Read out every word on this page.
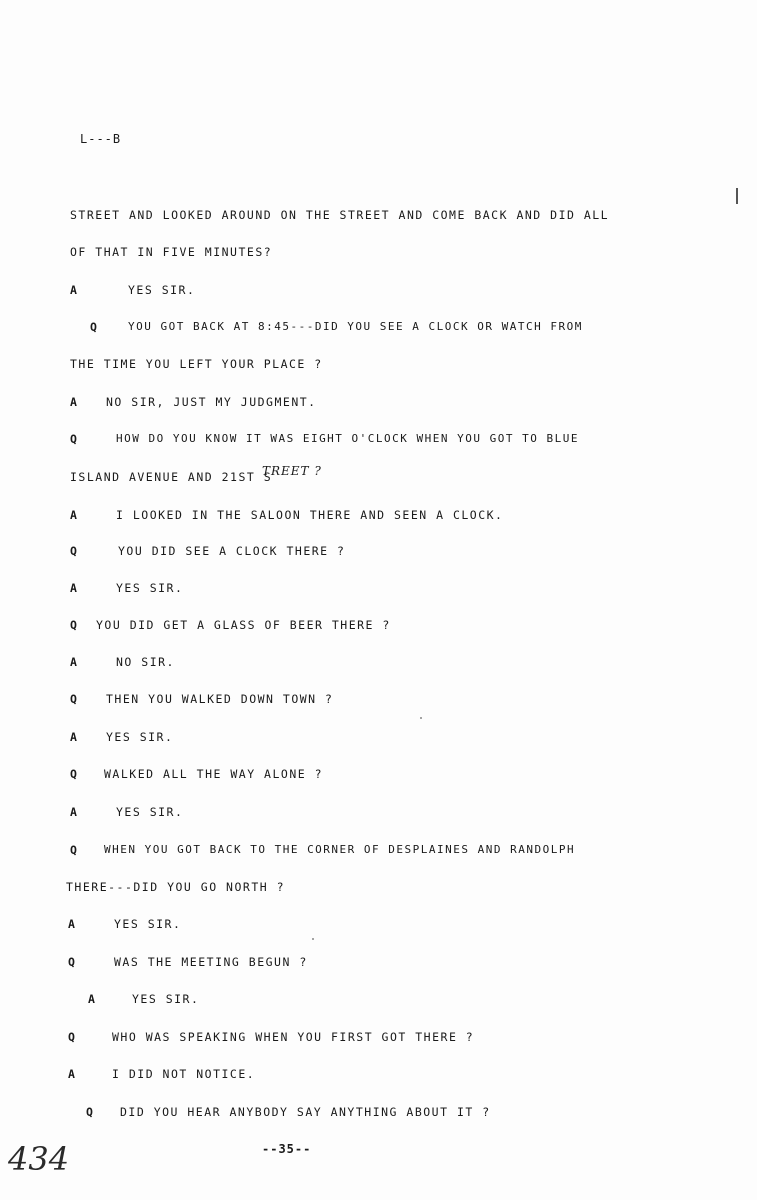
L---B
STREET AND LOOKED AROUND ON THE STREET AND COME BACK AND DID ALL
OF THAT IN FIVE MINUTES?
A	YES SIR.
Q	YOU GOT BACK AT 8:45---DID YOU SEE A CLOCK OR WATCH FROM
THE TIME YOU LEFT YOUR PLACE ?
A	NO SIR, JUST MY JUDGMENT.
Q	HOW DO YOU KNOW IT WAS EIGHT O'CLOCK WHEN YOU GOT TO BLUE
ISLAND AVENUE AND 21ST S
TREET ?
A	I LOOKED IN THE SALOON THERE AND SEEN A CLOCK.
Q	YOU DID SEE A CLOCK THERE ?
A	YES SIR.
Q YOU DID GET A GLASS OF BEER THERE ?
A	NO SIR.
Q	THEN YOU WALKED DOWN TOWN ?
A	YES SIR.
Q WALKED ALL THE WAY ALONE ?
A	YES SIR.
Q WHEN YOU GOT BACK TO THE CORNER OF DESPLAINES AND RANDOLPH
THERE---DID YOU GO NORTH ?
A	YES SIR.
Q	WAS THE MEETING BEGUN ?
A	YES SIR.
Q	WHO WAS SPEAKING WHEN YOU FIRST GOT THERE ?
A	I DID NOT NOTICE.
Q DID YOU HEAR ANYBODY SAY ANYTHING ABOUT IT ?
--35--
434
